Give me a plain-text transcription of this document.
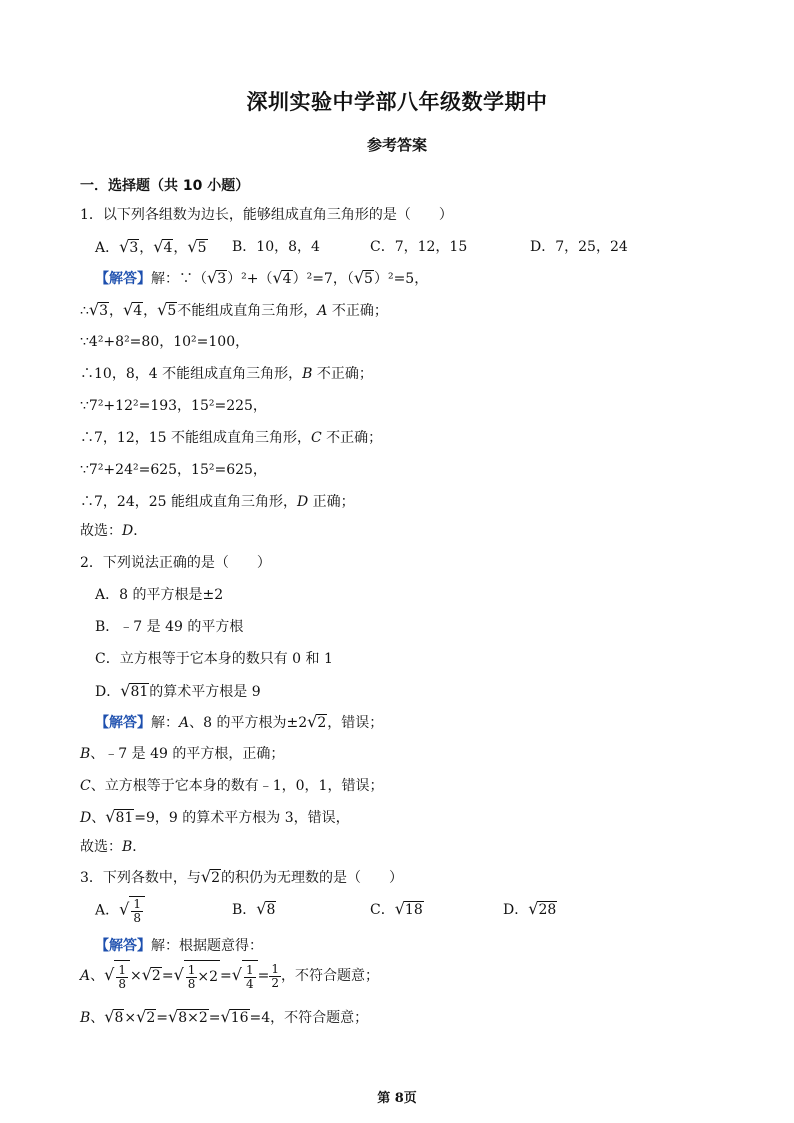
深圳实验中学部八年级数学期中
参考答案
一．选择题（共 10 小题）
1．以下列各组数为边长，能够组成直角三角形的是（　　）
A．√3，√4，√5 B．10，8，4	C．7，12，15	D．7，25，24
【解答】解：∵（√3）²+（√4）²=7，（√5）²=5，
∴√3，√4，√5不能组成直角三角形，A 不正确；
∵4²+8²=80，10²=100，
∴10，8，4 不能组成直角三角形，B 不正确；
∵7²+12²=193，15²=225，
∴7，12，15 不能组成直角三角形，C 不正确；
∵7²+24²=625，15²=625，
∴7，24，25 能组成直角三角形，D 正确；
故选：D．
2．下列说法正确的是（　　）
A．8 的平方根是±2
B．﹣7 是 49 的平方根
C．立方根等于它本身的数只有 0 和 1
D．√81的算术平方根是 9
【解答】解：A、8 的平方根为±2√2，错误；
B、﹣7 是 49 的平方根，正确；
C、立方根等于它本身的数有﹣1，0，1，错误；
D、√81=9，9 的算术平方根为 3，错误，
故选：B．
3．下列各数中，与√2的积仍为无理数的是（　　）
A．√ $\frac{1}{8}$	B．√8	C．√18	D．√28
【解答】解：根据题意得：
A、√ $\frac{1}{8} \times√2=√ \frac{1}{8} \times 2$ =√ $\frac{1}{4} = \frac{1}{2}$ ，不符合题意；
B、√8×√2=√8×2=√16=4，不符合题意；
第 8页
